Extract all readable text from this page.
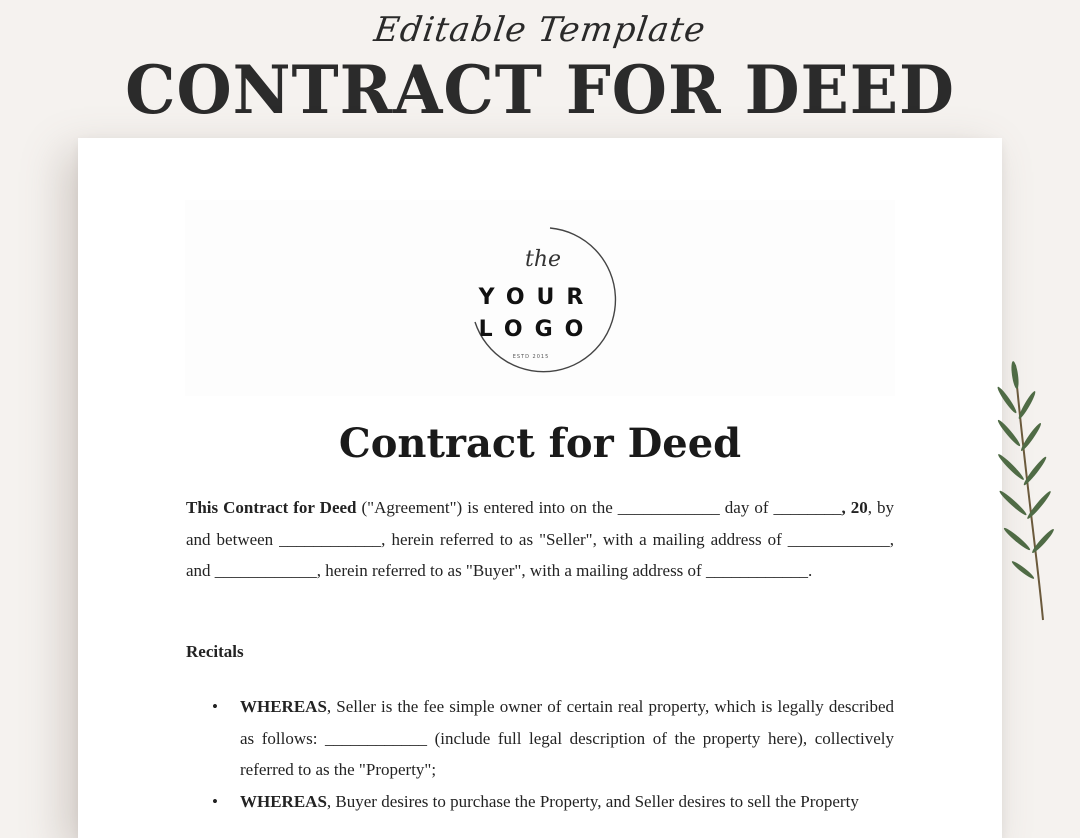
Editable Template
CONTRACT FOR DEED
the
YOUR
LOGO
ESTD 2015
Contract for Deed
This Contract for Deed ("Agreement") is entered into on the ____________ day of ________, 20, by and between ____________, herein referred to as "Seller", with a mailing address of ____________, and ____________, herein referred to as "Buyer", with a mailing address of ____________.
Recitals
• WHEREAS, Seller is the fee simple owner of certain real property, which is legally described as follows: ____________ (include full legal description of the property here), collectively referred to as the "Property";
• WHEREAS, Buyer desires to purchase the Property, and Seller desires to sell the Property
